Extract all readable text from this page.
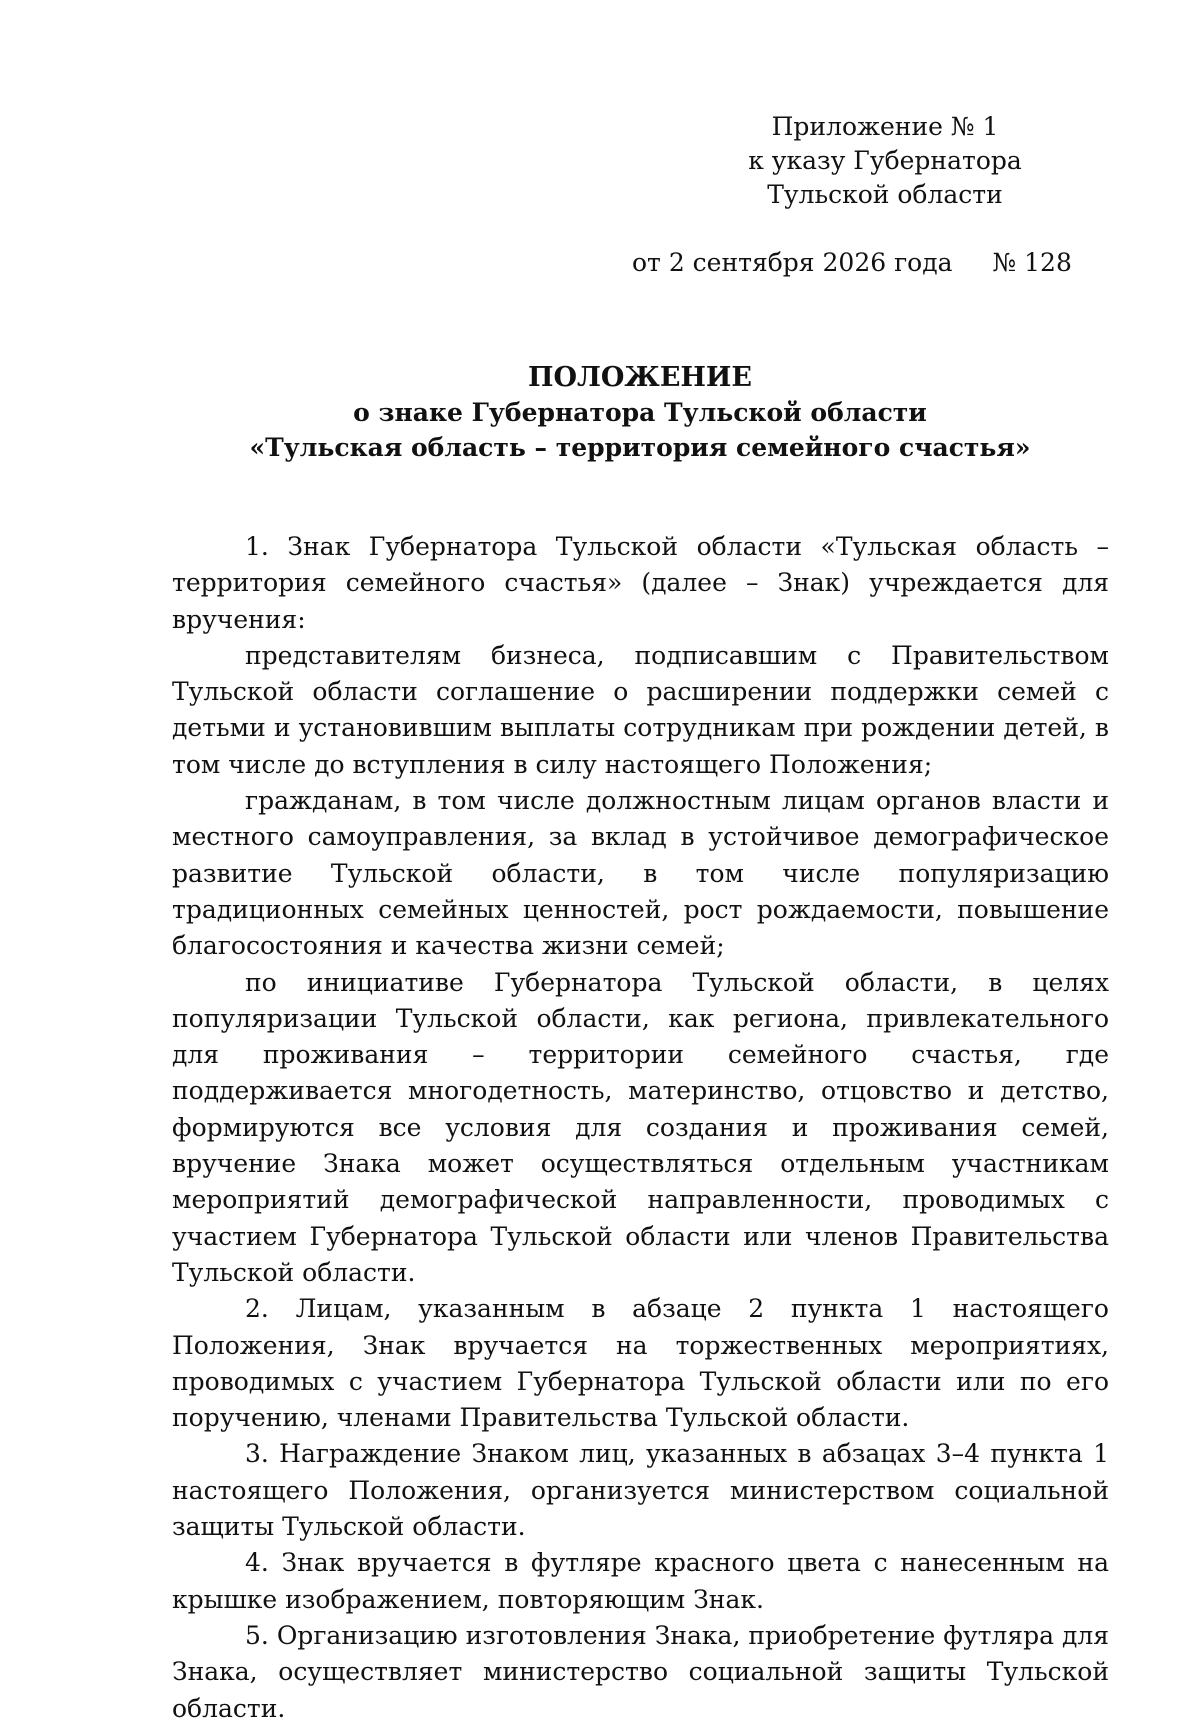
Приложение № 1
к указу Губернатора
Тульской области
от 2 сентября 2026 года № 128
ПОЛОЖЕНИЕ
о знаке Губернатора Тульской области
«Тульская область – территория семейного счастья»

1. Знак Губернатора Тульской области «Тульская область – территория семейного счастья» (далее – Знак) учреждается для вручения:

представителям бизнеса, подписавшим с Правительством Тульской области соглашение о расширении поддержки семей с детьми и установившим выплаты сотрудникам при рождении детей, в том числе до вступления в силу настоящего Положения;

гражданам, в том числе должностным лицам органов власти и местного самоуправления, за вклад в устойчивое демографическое развитие Тульской области, в том числе популяризацию традиционных семейных ценностей, рост рождаемости, повышение благосостояния и качества жизни семей;

по инициативе Губернатора Тульской области, в целях популяризации Тульской области, как региона, привлекательного для проживания – территории семейного счастья, где поддерживается многодетность, материнство, отцовство и детство, формируются все условия для создания и проживания семей, вручение Знака может осуществляться отдельным участникам мероприятий демографической направленности, проводимых с участием Губернатора Тульской области или членов Правительства Тульской области.

2. Лицам, указанным в абзаце 2 пункта 1 настоящего Положения, Знак вручается на торжественных мероприятиях, проводимых с участием Губернатора Тульской области или по его поручению, членами Правительства Тульской области.

3. Награждение Знаком лиц, указанных в абзацах 3–4 пункта 1 настоящего Положения, организуется министерством социальной защиты Тульской области.

4. Знак вручается в футляре красного цвета с нанесенным на крышке изображением, повторяющим Знак.

5. Организацию изготовления Знака, приобретение футляра для Знака, осуществляет министерство социальной защиты Тульской области.
